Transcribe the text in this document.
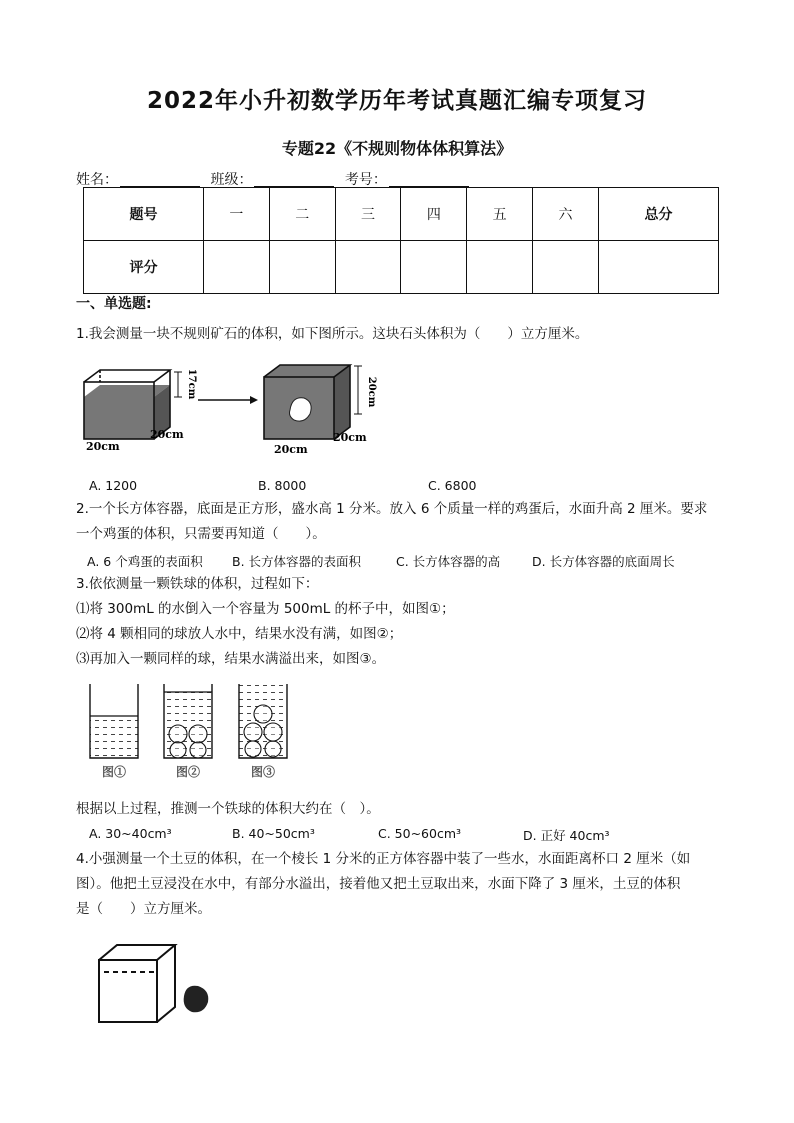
2022年小升初数学历年考试真题汇编专项复习
专题22《不规则物体体积算法》
姓名：	班级：	考号：
题号	一	二	三	四	五	六	总分
评分							
一、单选题:
1.我会测量一块不规则矿石的体积，如下图所示。这块石头体积为（　　）立方厘米。
17cm
20cm
20cm
20cm
20cm
20cm
A. 1200	B. 8000	C. 6800
2.一个长方体容器，底面是正方形，盛水高 1 分米。放入 6 个质量一样的鸡蛋后，水面升高 2 厘米。要求
一个鸡蛋的体积，只需要再知道（　　）。
A. 6 个鸡蛋的表面积 B. 长方体容器的表面积	C. 长方体容器的高	D. 长方体容器的底面周长
3.依依测量一颗铁球的体积，过程如下：
⑴将 300mL 的水倒入一个容量为 500mL 的杯子中，如图①；
⑵将 4 颗相同的球放人水中，结果水没有满，如图②；
⑶再加入一颗同样的球，结果水满溢出来，如图③。
图①	图②	图③
根据以上过程，推测一个铁球的体积大约在（　）。
A. 30~40cm³	B. 40~50cm³	C. 50~60cm³	D. 正好 40cm³
4.小强测量一个土豆的体积，在一个棱长 1 分米的正方体容器中装了一些水，水面距离杯口 2 厘米（如
图）。他把土豆浸没在水中，有部分水溢出，接着他又把土豆取出来，水面下降了 3 厘米，土豆的体积
是（　　）立方厘米。
